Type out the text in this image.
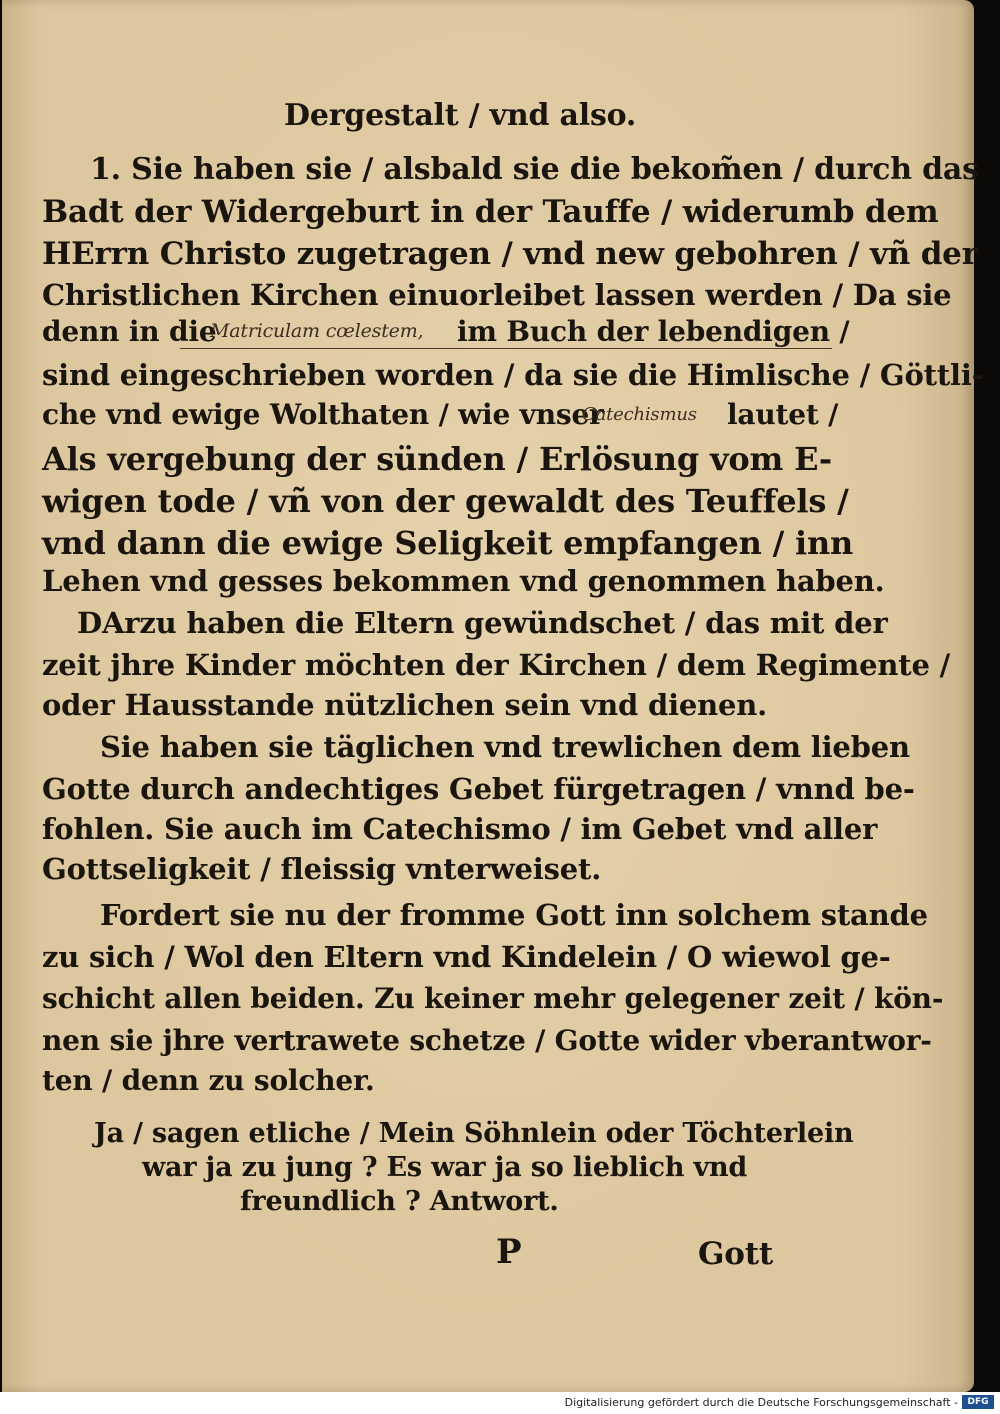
Dergestalt / vnd also.
1. Sie haben sie / alsbald sie die bekom̃en / durch das
Badt der Widergeburt in der Tauffe / widerumb dem
HErrn Christo zugetragen / vnd new gebohren / vñ der
Christlichen Kirchen einuorleibet lassen werden / Da sie
denn in die
Matriculam cœlestem, im Buch der lebendigen /
sind eingeschrieben worden / da sie die Himlische / Göttli-
che vnd ewige Wolthaten / wie vnser
Catechismus lautet /
Als vergebung der sünden / Erlösung vom E-
wigen tode / vñ von der gewaldt des Teuffels /
vnd dann die ewige Seligkeit empfangen / inn
Lehen vnd gesses bekommen vnd genommen haben.
DArzu haben die Eltern gewündschet / das mit der
zeit jhre Kinder möchten der Kirchen / dem Regimente /
oder Hausstande nützlichen sein vnd dienen.
Sie haben sie täglichen vnd trewlichen dem lieben
Gotte durch andechtiges Gebet fürgetragen / vnnd be-
fohlen. Sie auch im Catechismo / im Gebet vnd aller
Gottseligkeit / fleissig vnterweiset.
Fordert sie nu der fromme Gott inn solchem stande
zu sich / Wol den Eltern vnd Kindelein / O wiewol ge-
schicht allen beiden. Zu keiner mehr gelegener zeit / kön-
nen sie jhre vertrawete schetze / Gotte wider vberantwor-
ten / denn zu solcher.
Ja / sagen etliche / Mein Söhnlein oder Töchterlein
war ja zu jung ? Es war ja so lieblich vnd
freundlich ? Antwort.
P	Gott
Digitalisierung gefördert durch die Deutsche Forschungsgemeinschaft -	DFG
